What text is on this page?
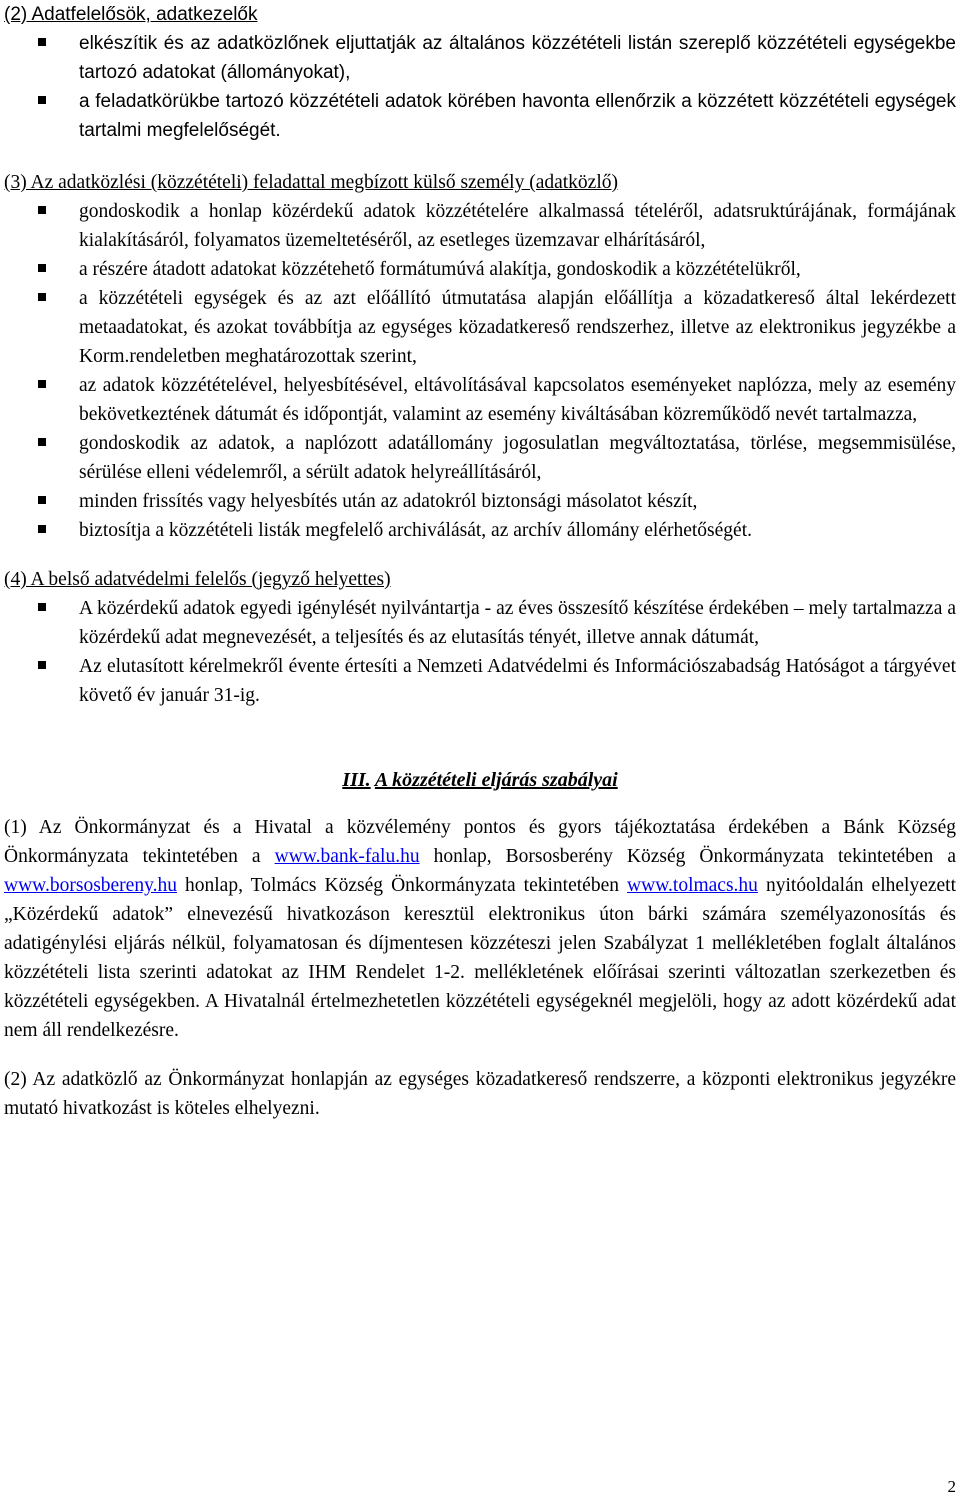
(2) Adatfelelősök, adatkezelők

elkészítik és az adatközlőnek eljuttatják az általános közzétételi listán szereplő közzétételi egységekbe tartozó adatokat (állományokat),
a feladatkörükbe tartozó közzétételi adatok körében havonta ellenőrzik a közzétett közzétételi egységek tartalmi megfelelőségét.

(3) Az adatközlési (közzétételi) feladattal megbízott külső személy (adatközlő)

gondoskodik a honlap közérdekű adatok közzétételére alkalmassá tételéről, adatsruktúrájának, formájának kialakításáról, folyamatos üzemeltetéséről, az esetleges üzemzavar elhárításáról,
a részére átadott adatokat közzétehető formátumúvá alakítja, gondoskodik a közzétételükről,
a közzétételi egységek és az azt előállító útmutatása alapján előállítja a közadatkereső által lekérdezett metaadatokat, és azokat továbbítja az egységes közadatkereső rendszerhez, illetve az elektronikus jegyzékbe a Korm.rendeletben meghatározottak szerint,
az adatok közzétételével, helyesbítésével, eltávolításával kapcsolatos eseményeket naplózza, mely az esemény bekövetkeztének dátumát és időpontját, valamint az esemény kiváltásában közreműködő nevét tartalmazza,
gondoskodik az adatok, a naplózott adatállomány jogosulatlan megváltoztatása, törlése, megsemmisülése, sérülése elleni védelemről, a sérült adatok helyreállításáról,
minden frissítés vagy helyesbítés után az adatokról biztonsági másolatot készít,
biztosítja a közzétételi listák megfelelő archiválását, az archív állomány elérhetőségét.

(4) A belső adatvédelmi felelős (jegyző helyettes)

A közérdekű adatok egyedi igénylését nyilvántartja - az éves összesítő készítése érdekében – mely tartalmazza a közérdekű adat megnevezését, a teljesítés és az elutasítás tényét, illetve annak dátumát,
Az elutasított kérelmekről évente értesíti a Nemzeti Adatvédelmi és Információszabadság Hatóságot a tárgyévet követő év január 31-ig.

III. A közzétételi eljárás szabályai

(1) Az Önkormányzat és a Hivatal a közvélemény pontos és gyors tájékoztatása érdekében a Bánk Község Önkormányzata tekintetében a www.bank-falu.hu honlap, Borsosberény Község Önkormányzata tekintetében a www.borsosbereny.hu honlap, Tolmács Község Önkormányzata tekintetében www.tolmacs.hu nyitóoldalán elhelyezett „Közérdekű adatok” elnevezésű hivatkozáson keresztül elektronikus úton bárki számára személyazonosítás és adatigénylési eljárás nélkül, folyamatosan és díjmentesen közzéteszi jelen Szabályzat 1 mellékletében foglalt általános közzétételi lista szerinti adatokat az IHM Rendelet 1-2. mellékletének előírásai szerinti változatlan szerkezetben és közzétételi egységekben. A Hivatalnál értelmezhetetlen közzétételi egységeknél megjelöli, hogy az adott közérdekű adat nem áll rendelkezésre.

(2) Az adatközlő az Önkormányzat honlapján az egységes közadatkereső rendszerre, a központi elektronikus jegyzékre mutató hivatkozást is köteles elhelyezni.

2
